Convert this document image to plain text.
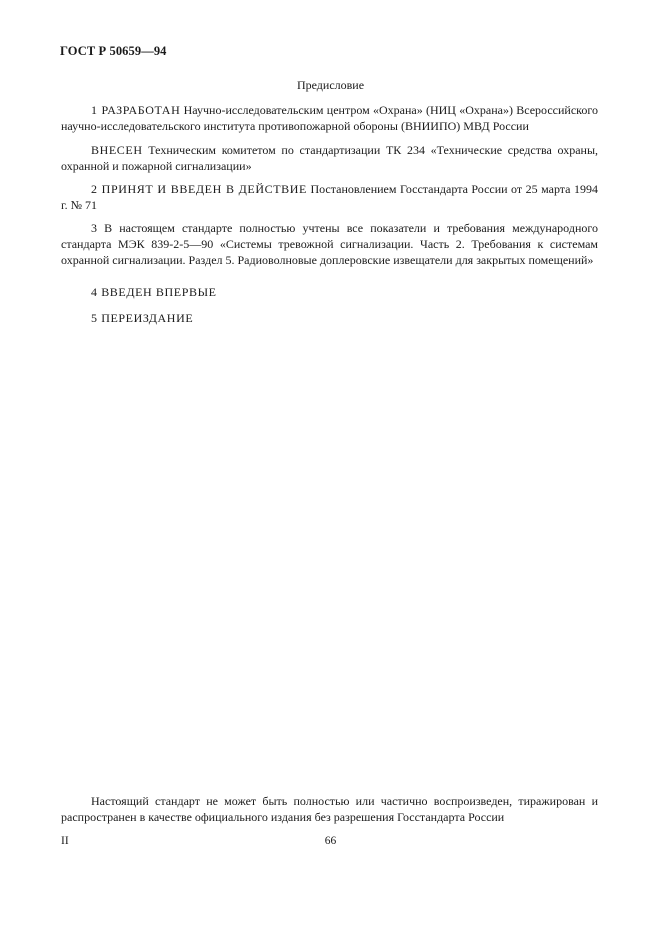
ГОСТ Р 50659—94
Предисловие
1 РАЗРАБОТАН Научно-исследовательским центром «Охрана» (НИЦ «Охрана») Всероссийского научно-исследовательского института противопожарной обороны (ВНИИПО) МВД России
ВНЕСЕН Техническим комитетом по стандартизации ТК 234 «Технические средства охраны, охранной и пожарной сигнализации»
2 ПРИНЯТ И ВВЕДЕН В ДЕЙСТВИЕ Постановлением Госстандарта России от 25 марта 1994 г. № 71
3 В настоящем стандарте полностью учтены все показатели и требования международного стандарта МЭК 839-2-5—90 «Системы тревожной сигнализации. Часть 2. Требования к системам охранной сигнализации. Раздел 5. Радиоволновые доплеровские извещатели для закрытых помещений»
4 ВВЕДЕН ВПЕРВЫЕ
5 ПЕРЕИЗДАНИЕ
Настоящий стандарт не может быть полностью или частично воспроизведен, тиражирован и распространен в качестве официального издания без разрешения Госстандарта России
II	66
